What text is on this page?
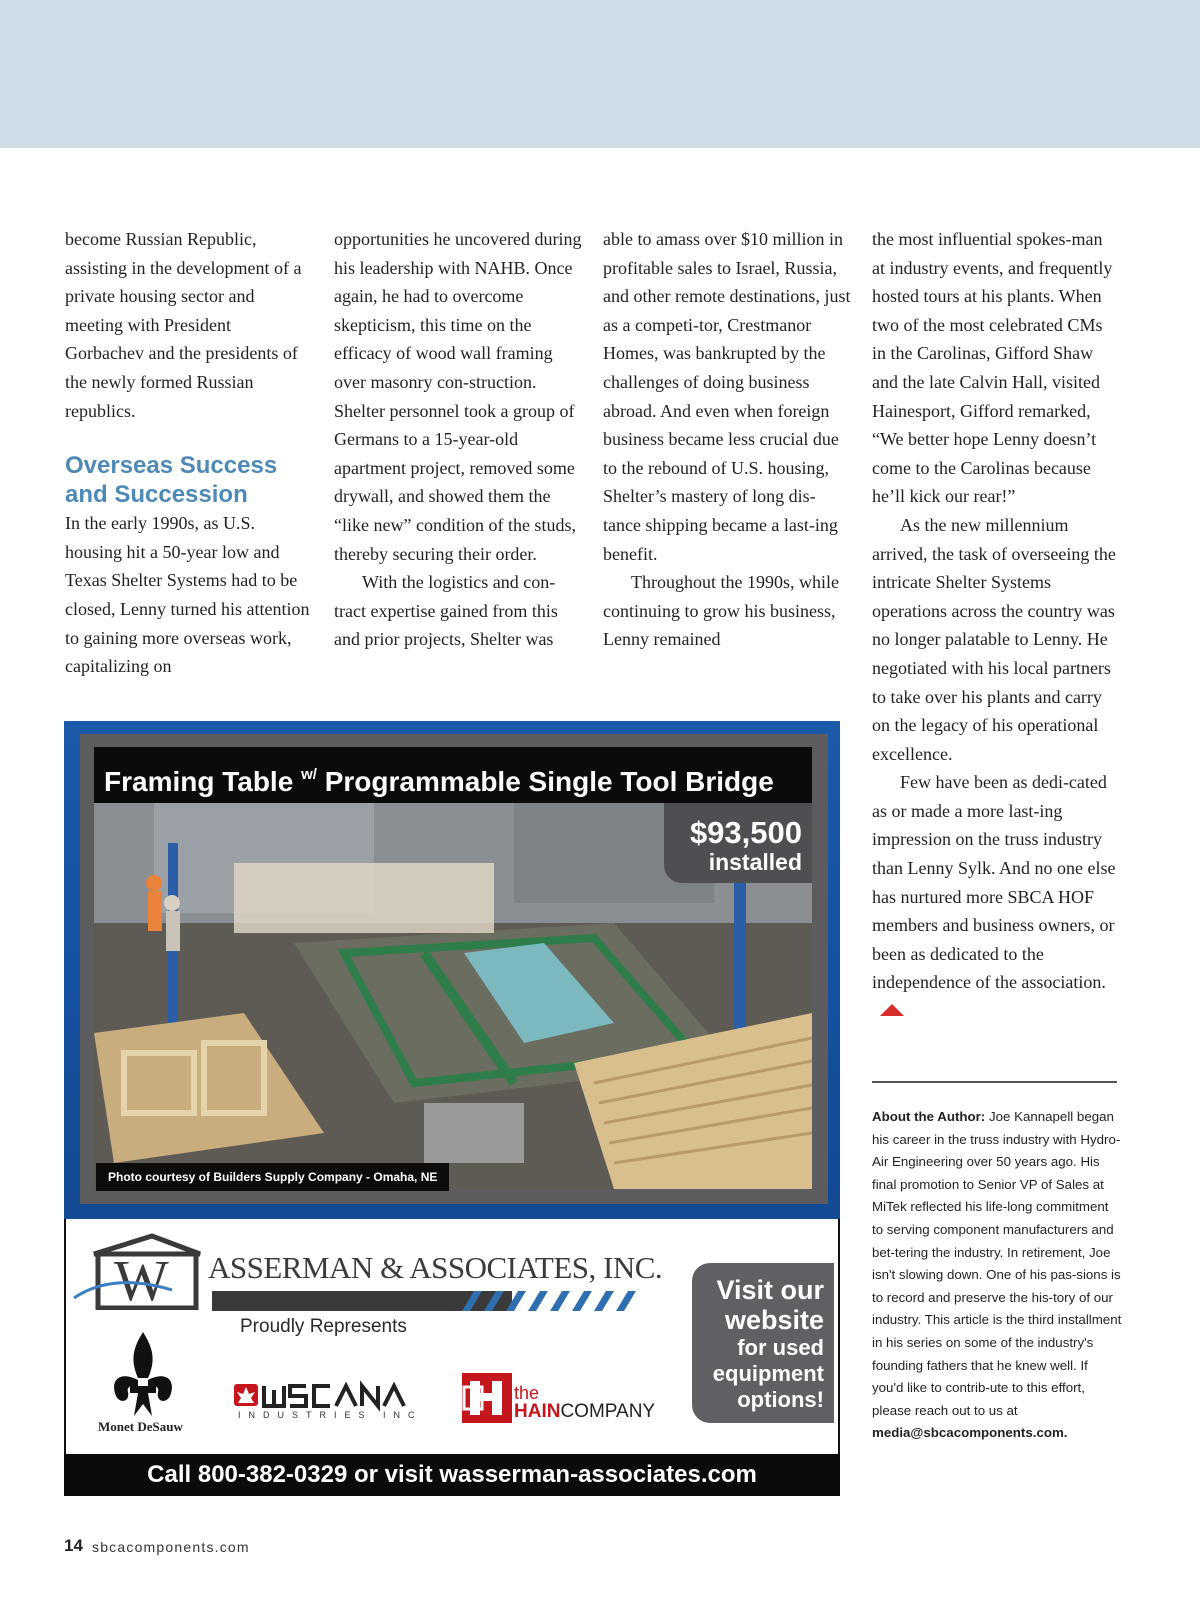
become Russian Republic, assisting in the development of a private housing sector and meeting with President Gorbachev and the presidents of the newly formed Russian republics.

Overseas Success and Succession

In the early 1990s, as U.S. housing hit a 50-year low and Texas Shelter Systems had to be closed, Lenny turned his attention to gaining more overseas work, capitalizing on

opportunities he uncovered during his leadership with NAHB. Once again, he had to overcome skepticism, this time on the efficacy of wood wall framing over masonry con-struction. Shelter personnel took a group of Germans to a 15-year-old apartment project, removed some drywall, and showed them the “like new” condition of the studs, thereby securing their order.

With the logistics and con-tract expertise gained from this and prior projects, Shelter was

able to amass over $10 million in profitable sales to Israel, Russia, and other remote destinations, just as a competi-tor, Crestmanor Homes, was bankrupted by the challenges of doing business abroad. And even when foreign business became less crucial due to the rebound of U.S. housing, Shelter’s mastery of long dis-tance shipping became a last-ing benefit.

Throughout the 1990s, while continuing to grow his business, Lenny remained

the most influential spokes-man at industry events, and frequently hosted tours at his plants. When two of the most celebrated CMs in the Carolinas, Gifford Shaw and the late Calvin Hall, visited Hainesport, Gifford remarked, “We better hope Lenny doesn’t come to the Carolinas because he’ll kick our rear!”

As the new millennium arrived, the task of overseeing the intricate Shelter Systems operations across the country was no longer palatable to Lenny. He negotiated with his local partners to take over his plants and carry on the legacy of his operational excellence.

Few have been as dedi-cated as or made a more last-ing impression on the truss industry than Lenny Sylk. And no one else has nurtured more SBCA HOF members and business owners, or been as dedicated to the independence of the association.

About the Author: Joe Kannapell began his career in the truss industry with Hydro-Air Engineering over 50 years ago. His final promotion to Senior VP of Sales at MiTek reflected his life-long commitment to serving component manufacturers and bet-tering the industry. In retirement, Joe isn't slowing down. One of his pas-sions is to record and preserve the his-tory of our industry. This article is the third installment in his series on some of the industry's founding fathers that he knew well. If you'd like to contrib-ute to this effort, please reach out to us at media@sbcacomponents.com.
Framing Table $^{w/}$ Programmable Single Tool Bridge
$93,500
installed
Photo courtesy of Builders Supply Company - Omaha, NE
W ASSERMAN & ASSOCIATES, INC.
Proudly Represents
Visit our
website
for used
equipment
options!
Monet DeSauw
INDUSTRIES INC
the
HAINCOMPANY
Call 800-382-0329 or visit wasserman-associates.com
14 sbcacomponents.com
